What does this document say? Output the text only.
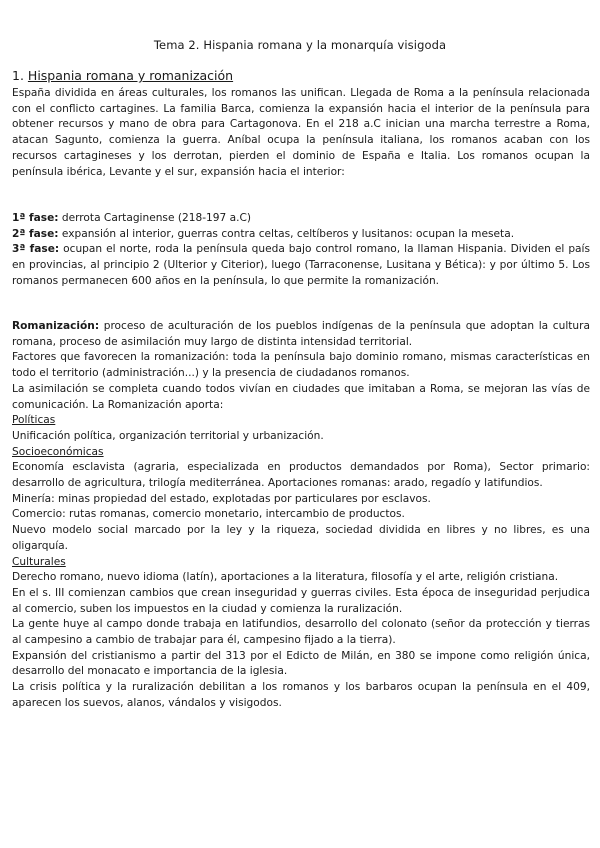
Tema 2. Hispania romana y la monarquía visigoda
1. Hispania romana y romanización

España dividida en áreas culturales, los romanos las unifican. Llegada de Roma a la península relacionada con el conflicto cartagines. La familia Barca, comienza la expansión hacia el interior de la península para obtener recursos y mano de obra para Cartagonova. En el 218 a.C inician una marcha terrestre a Roma, atacan Sagunto, comienza la guerra. Aníbal ocupa la península italiana, los romanos acaban con los recursos cartagineses y los derrotan, pierden el dominio de España e Italia. Los romanos ocupan la península ibérica, Levante y el sur, expansión hacia el interior:

1ª fase: derrota Cartaginense (218-197 a.C)

2ª fase: expansión al interior, guerras contra celtas, celtíberos y lusitanos: ocupan la meseta.

3ª fase: ocupan el norte, roda la península queda bajo control romano, la llaman Hispania. Dividen el país en provincias, al principio 2 (Ulterior y Citerior), luego (Tarraconense, Lusitana y Bética): y por último 5. Los romanos permanecen 600 años en la península, lo que permite la romanización.

Romanización: proceso de aculturación de los pueblos indígenas de la península que adoptan la cultura romana, proceso de asimilación muy largo de distinta intensidad territorial.

Factores que favorecen la romanización: toda la península bajo dominio romano, mismas características en todo el territorio (administración...) y la presencia de ciudadanos romanos.

La asimilación se completa cuando todos vivían en ciudades que imitaban a Roma, se mejoran las vías de comunicación. La Romanización aporta:

Políticas

Unificación política, organización territorial y urbanización.

Socioeconómicas

Economía esclavista (agraria, especializada en productos demandados por Roma), Sector primario: desarrollo de agricultura, trilogía mediterránea. Aportaciones romanas: arado, regadío y latifundios.

Minería: minas propiedad del estado, explotadas por particulares por esclavos.

Comercio: rutas romanas, comercio monetario, intercambio de productos.

Nuevo modelo social marcado por la ley y la riqueza, sociedad dividida en libres y no libres, es una oligarquía.

Culturales

Derecho romano, nuevo idioma (latín), aportaciones a la literatura, filosofía y el arte, religión cristiana.

En el s. III comienzan cambios que crean inseguridad y guerras civiles. Esta época de inseguridad perjudica al comercio, suben los impuestos en la ciudad y comienza la ruralización.

La gente huye al campo donde trabaja en latifundios, desarrollo del colonato (señor da protección y tierras al campesino a cambio de trabajar para él, campesino fijado a la tierra).

Expansión del cristianismo a partir del 313 por el Edicto de Milán, en 380 se impone como religión única, desarrollo del monacato e importancia de la iglesia.

La crisis política y la ruralización debilitan a los romanos y los barbaros ocupan la península en el 409, aparecen los suevos, alanos, vándalos y visigodos.
